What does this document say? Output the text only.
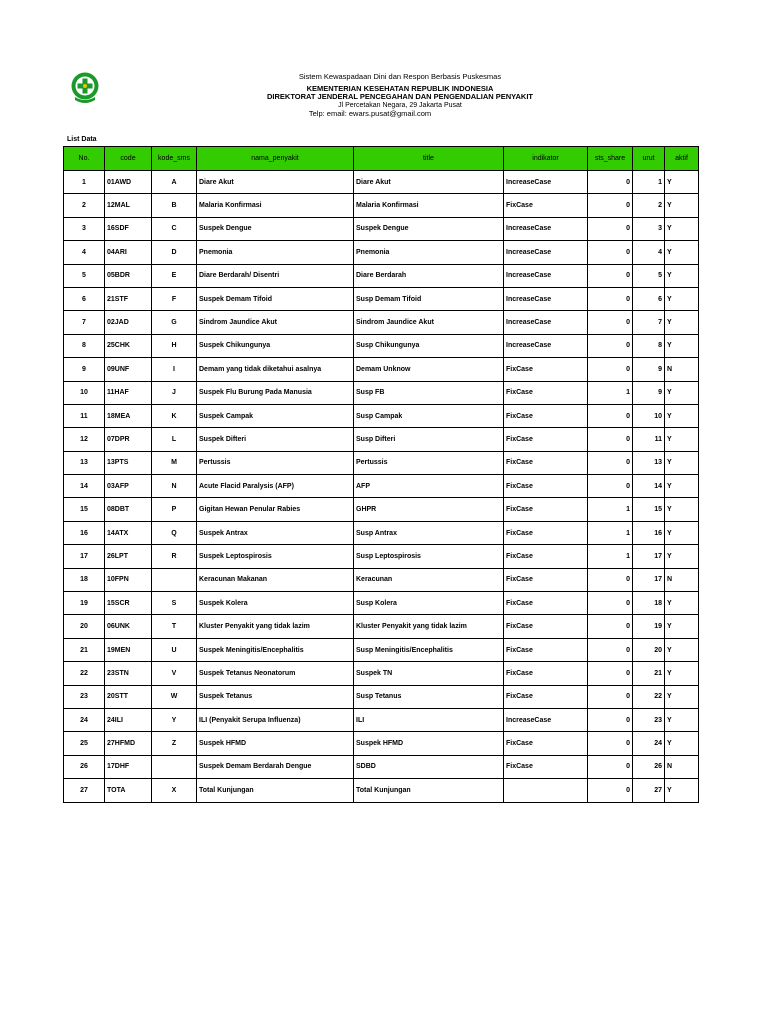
Sistem Kewaspadaan Dini dan Respon Berbasis Puskesmas
KEMENTERIAN KESEHATAN REPUBLIK INDONESIA
DIREKTORAT JENDERAL PENCEGAHAN DAN PENGENDALIAN PENYAKIT
Jl Percetakan Negara, 29 Jakarta Pusat
Telp: email: ewars.pusat@gmail.com
List Data
No.	code	kode_sms	nama_penyakit	title	indikator	sts_share	urut	aktif
1	01AWD	A	Diare Akut	Diare Akut	IncreaseCase	0	1	Y
2	12MAL	B	Malaria Konfirmasi	Malaria Konfirmasi	FixCase	0	2	Y
3	16SDF	C	Suspek Dengue	Suspek Dengue	IncreaseCase	0	3	Y
4	04ARI	D	Pnemonia	Pnemonia	IncreaseCase	0	4	Y
5	05BDR	E	Diare Berdarah/ Disentri	Diare Berdarah	IncreaseCase	0	5	Y
6	21STF	F	Suspek Demam Tifoid	Susp Demam Tifoid	IncreaseCase	0	6	Y
7	02JAD	G	Sindrom Jaundice Akut	Sindrom Jaundice Akut	IncreaseCase	0	7	Y
8	25CHK	H	Suspek Chikungunya	Susp Chikungunya	IncreaseCase	0	8	Y
9	09UNF	I	Demam yang tidak diketahui asalnya	Demam Unknow	FixCase	0	9	N
10	11HAF	J	Suspek Flu Burung Pada Manusia	Susp FB	FixCase	1	9	Y
11	18MEA	K	Suspek Campak	Susp Campak	FixCase	0	10	Y
12	07DPR	L	Suspek Difteri	Susp Difteri	FixCase	0	11	Y
13	13PTS	M	Pertussis	Pertussis	FixCase	0	13	Y
14	03AFP	N	Acute Flacid Paralysis (AFP)	AFP	FixCase	0	14	Y
15	08DBT	P	Gigitan Hewan Penular Rabies	GHPR	FixCase	1	15	Y
16	14ATX	Q	Suspek Antrax	Susp Antrax	FixCase	1	16	Y
17	26LPT	R	Suspek Leptospirosis	Susp Leptospirosis	FixCase	1	17	Y
18	10FPN		Keracunan Makanan	Keracunan	FixCase	0	17	N
19	15SCR	S	Suspek Kolera	Susp Kolera	FixCase	0	18	Y
20	06UNK	T	Kluster Penyakit yang tidak lazim	Kluster Penyakit yang tidak lazim	FixCase	0	19	Y
21	19MEN	U	Suspek Meningitis/Encephalitis	Susp Meningitis/Encephalitis	FixCase	0	20	Y
22	23STN	V	Suspek Tetanus Neonatorum	Suspek TN	FixCase	0	21	Y
23	20STT	W	Suspek Tetanus	Susp Tetanus	FixCase	0	22	Y
24	24ILI	Y	ILI (Penyakit Serupa Influenza)	ILI	IncreaseCase	0	23	Y
25	27HFMD	Z	Suspek HFMD	Suspek HFMD	FixCase	0	24	Y
26	17DHF		Suspek Demam Berdarah Dengue	SDBD	FixCase	0	26	N
27	TOTA	X	Total Kunjungan	Total Kunjungan		0	27	Y
